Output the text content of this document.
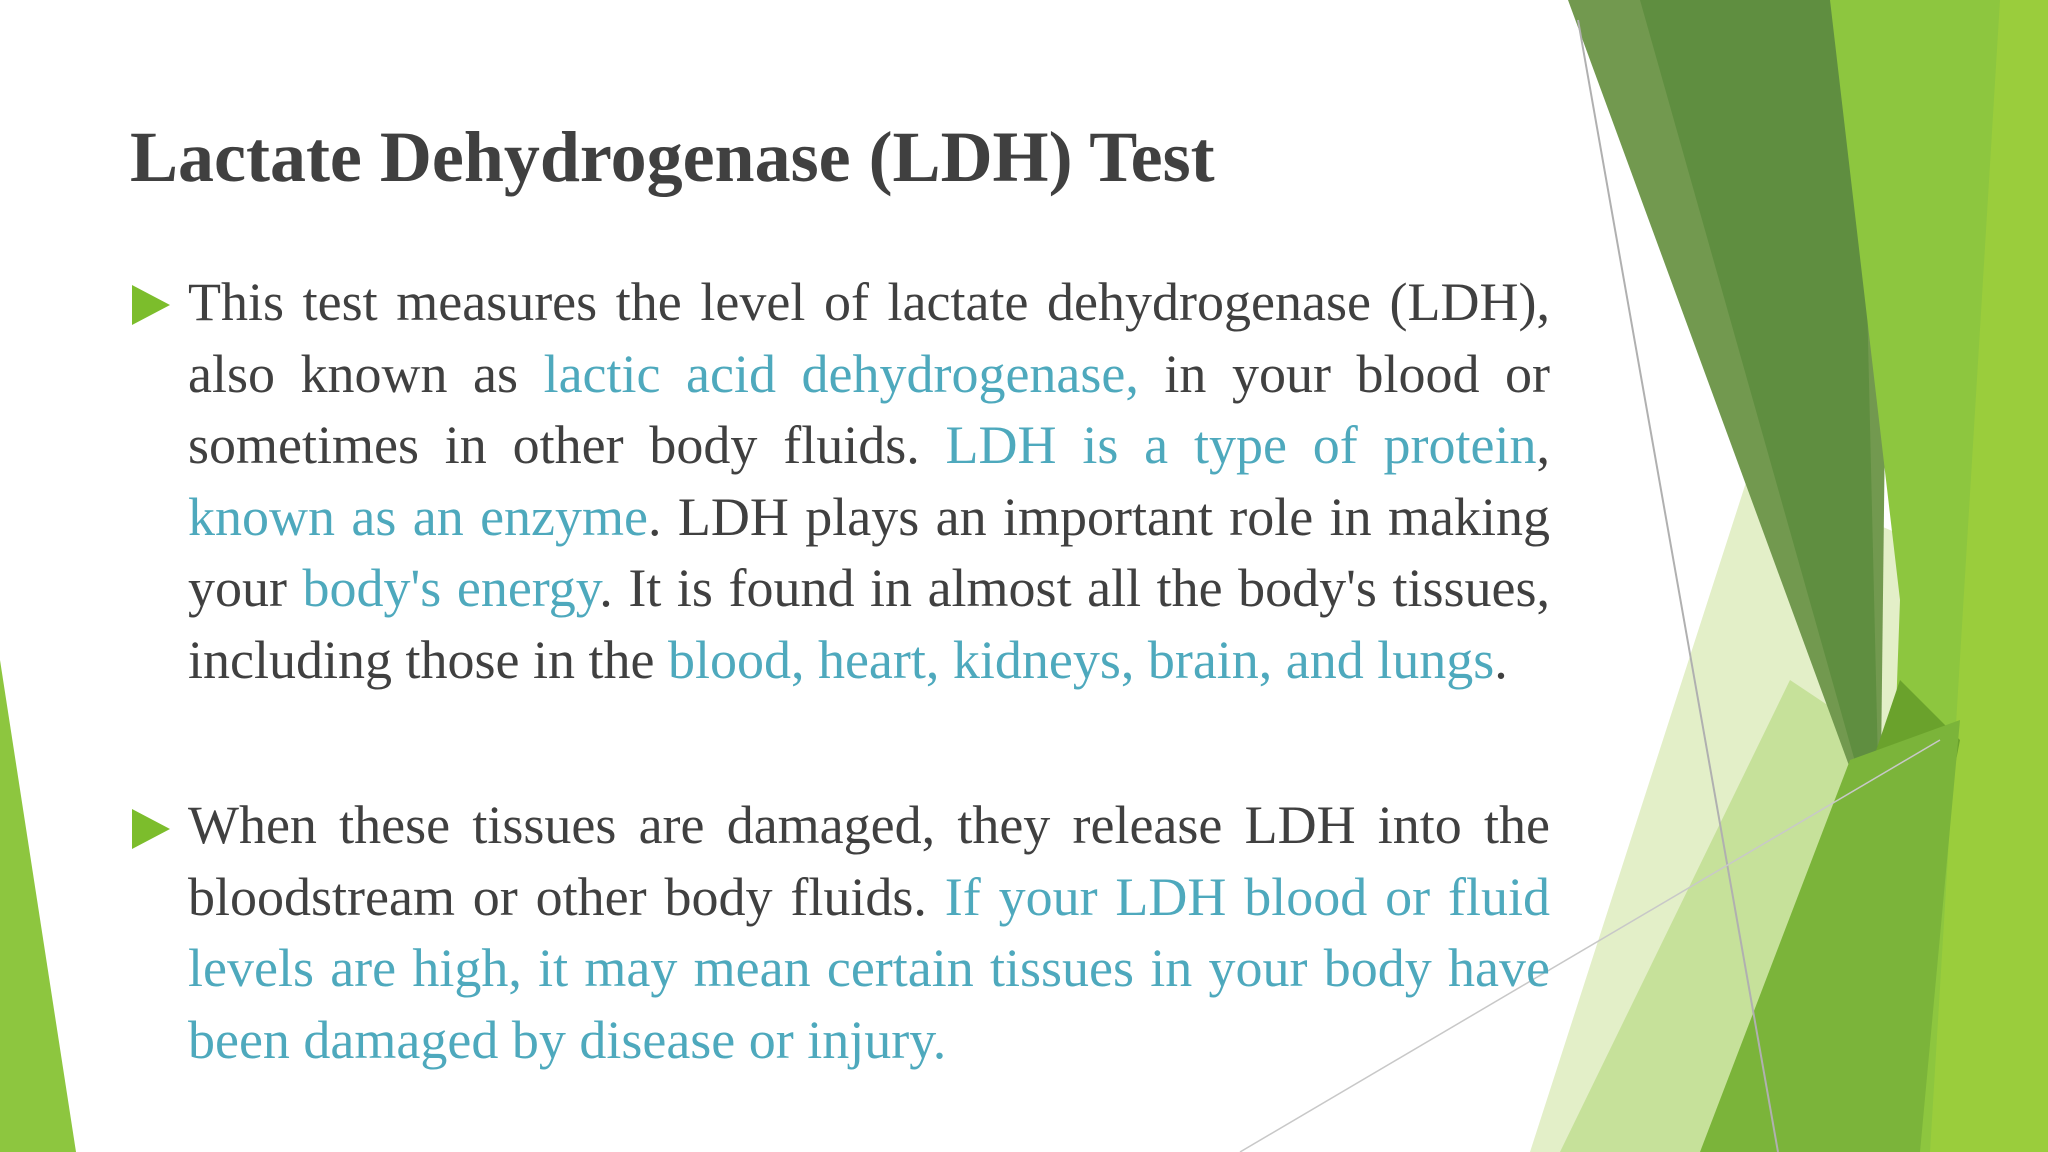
Lactate Dehydrogenase (LDH) Test

This test measures the level of lactate dehydrogenase (LDH), also known as lactic acid dehydrogenase, in your blood or sometimes in other body fluids. LDH is a type of protein, known as an enzyme. LDH plays an important role in making your body's energy. It is found in almost all the body's tissues, including those in the blood, heart, kidneys, brain, and lungs.

When these tissues are damaged, they release LDH into the bloodstream or other body fluids. If your LDH blood or fluid levels are high, it may mean certain tissues in your body have been damaged by disease or injury.
